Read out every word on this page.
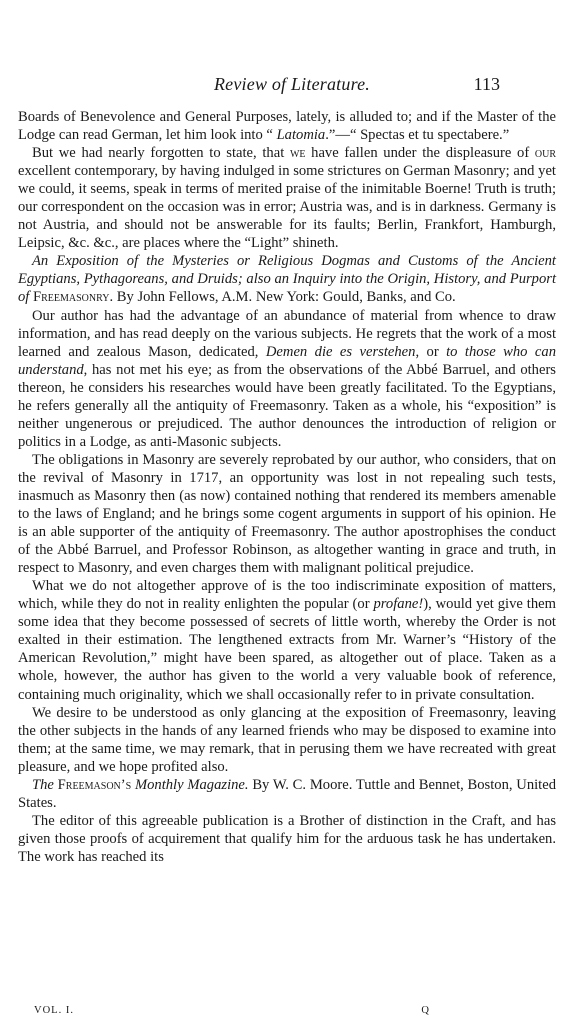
Review of Literature.	113

Boards of Benevolence and General Purposes, lately, is alluded to; and if the Master of the Lodge can read German, let him look into “ Latomia.”—“ Spectas et tu spectabere.”

But we had nearly forgotten to state, that we have fallen under the displeasure of our excellent contemporary, by having indulged in some strictures on German Masonry; and yet we could, it seems, speak in terms of merited praise of the inimitable Boerne! Truth is truth; our correspondent on the occasion was in error; Austria was, and is in darkness. Germany is not Austria, and should not be answerable for its faults; Berlin, Frankfort, Hamburgh, Leipsic, &c. &c., are places where the “Light” shineth.

An Exposition of the Mysteries or Religious Dogmas and Customs of the Ancient Egyptians, Pythagoreans, and Druids; also an Inquiry into the Origin, History, and Purport of Freemasonry. By John Fellows, A.M. New York: Gould, Banks, and Co.

Our author has had the advantage of an abundance of material from whence to draw information, and has read deeply on the various subjects. He regrets that the work of a most learned and zealous Mason, dedicated, Demen die es verstehen, or to those who can understand, has not met his eye; as from the observations of the Abbé Barruel, and others thereon, he considers his researches would have been greatly facilitated. To the Egyptians, he refers generally all the antiquity of Freemasonry. Taken as a whole, his “exposition” is neither ungenerous or prejudiced. The author denounces the introduction of religion or politics in a Lodge, as anti-Masonic subjects.

The obligations in Masonry are severely reprobated by our author, who considers, that on the revival of Masonry in 1717, an opportunity was lost in not repealing such tests, inasmuch as Masonry then (as now) contained nothing that rendered its members amenable to the laws of England; and he brings some cogent arguments in support of his opinion. He is an able supporter of the antiquity of Freemasonry. The author apostrophises the conduct of the Abbé Barruel, and Professor Robinson, as altogether wanting in grace and truth, in respect to Masonry, and even charges them with malignant political prejudice.

What we do not altogether approve of is the too indiscriminate exposition of matters, which, while they do not in reality enlighten the popular (or profane!), would yet give them some idea that they become possessed of secrets of little worth, whereby the Order is not exalted in their estimation. The lengthened extracts from Mr. Warner’s “History of the American Revolution,” might have been spared, as altogether out of place. Taken as a whole, however, the author has given to the world a very valuable book of reference, containing much originality, which we shall occasionally refer to in private consultation.

We desire to be understood as only glancing at the exposition of Freemasonry, leaving the other subjects in the hands of any learned friends who may be disposed to examine into them; at the same time, we may remark, that in perusing them we have recreated with great pleasure, and we hope profited also.

The Freemason’s Monthly Magazine. By W. C. Moore. Tuttle and Bennet, Boston, United States.

The editor of this agreeable publication is a Brother of distinction in the Craft, and has given those proofs of acquirement that qualify him for the arduous task he has undertaken. The work has reached its

VOL. I.	Q
